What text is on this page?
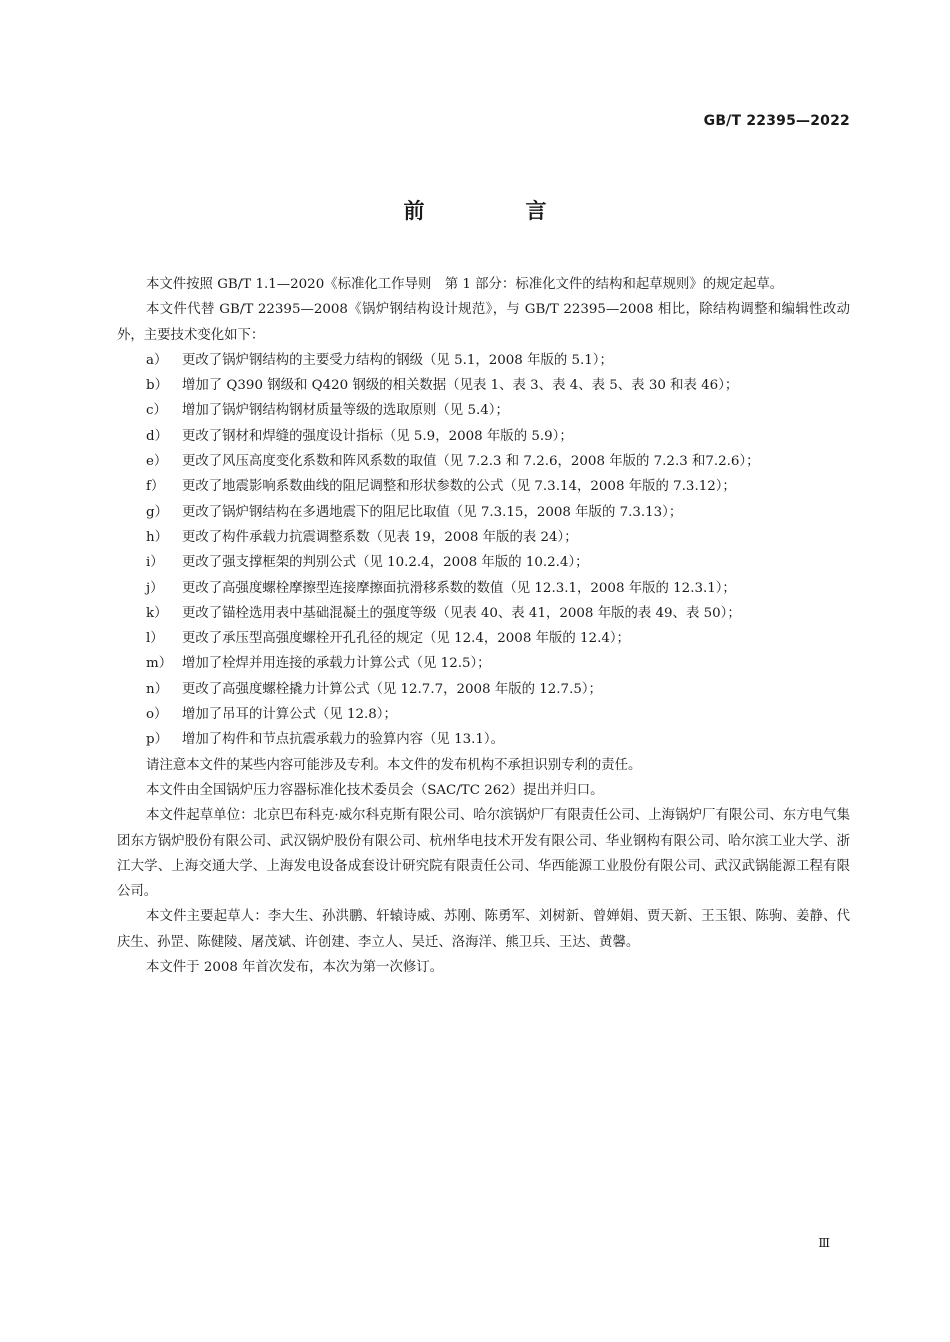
GB/T 22395—2022
前　言

本文件按照 GB/T 1.1—2020《标准化工作导则　第 1 部分：标准化文件的结构和起草规则》的规定起草。

本文件代替 GB/T 22395—2008《锅炉钢结构设计规范》，与 GB/T 22395—2008 相比，除结构调整和编辑性改动外，主要技术变化如下：

a）	更改了锅炉钢结构的主要受力结构的钢级（见 5.1，2008 年版的 5.1）；
b）	增加了 Q390 钢级和 Q420 钢级的相关数据（见表 1、表 3、表 4、表 5、表 30 和表 46）；
c）	增加了锅炉钢结构钢材质量等级的选取原则（见 5.4）；
d）	更改了钢材和焊缝的强度设计指标（见 5.9，2008 年版的 5.9）；
e）	更改了风压高度变化系数和阵风系数的取值（见 7.2.3 和 7.2.6，2008 年版的 7.2.3 和7.2.6）；
f）	更改了地震影响系数曲线的阻尼调整和形状参数的公式（见 7.3.14，2008 年版的 7.3.12）；
g）	更改了锅炉钢结构在多遇地震下的阻尼比取值（见 7.3.15，2008 年版的 7.3.13）；
h）	更改了构件承载力抗震调整系数（见表 19，2008 年版的表 24）；
i）	更改了强支撑框架的判别公式（见 10.2.4，2008 年版的 10.2.4）；
j）	更改了高强度螺栓摩擦型连接摩擦面抗滑移系数的数值（见 12.3.1，2008 年版的 12.3.1）；
k）	更改了锚栓选用表中基础混凝土的强度等级（见表 40、表 41，2008 年版的表 49、表 50）；
l）	更改了承压型高强度螺栓开孔孔径的规定（见 12.4，2008 年版的 12.4）；
m） 增加了栓焊并用连接的承载力计算公式（见 12.5）；
n）	更改了高强度螺栓撬力计算公式（见 12.7.7，2008 年版的 12.7.5）；
o）	增加了吊耳的计算公式（见 12.8）；
p）	增加了构件和节点抗震承载力的验算内容（见 13.1）。

请注意本文件的某些内容可能涉及专利。本文件的发布机构不承担识别专利的责任。

本文件由全国锅炉压力容器标准化技术委员会（SAC/TC 262）提出并归口。

本文件起草单位：北京巴布科克·威尔科克斯有限公司、哈尔滨锅炉厂有限责任公司、上海锅炉厂有限公司、东方电气集团东方锅炉股份有限公司、武汉锅炉股份有限公司、杭州华电技术开发有限公司、华业钢构有限公司、哈尔滨工业大学、浙江大学、上海交通大学、上海发电设备成套设计研究院有限责任公司、华西能源工业股份有限公司、武汉武锅能源工程有限公司。

本文件主要起草人：李大生、孙洪鹏、轩辕诗威、苏刚、陈勇军、刘树新、曾婵娟、贾天新、王玉银、陈驹、姜静、代庆生、孙罡、陈健陵、屠茂斌、许创建、李立人、吴迁、洛海洋、熊卫兵、王达、黄馨。

本文件于 2008 年首次发布，本次为第一次修订。

Ⅲ
